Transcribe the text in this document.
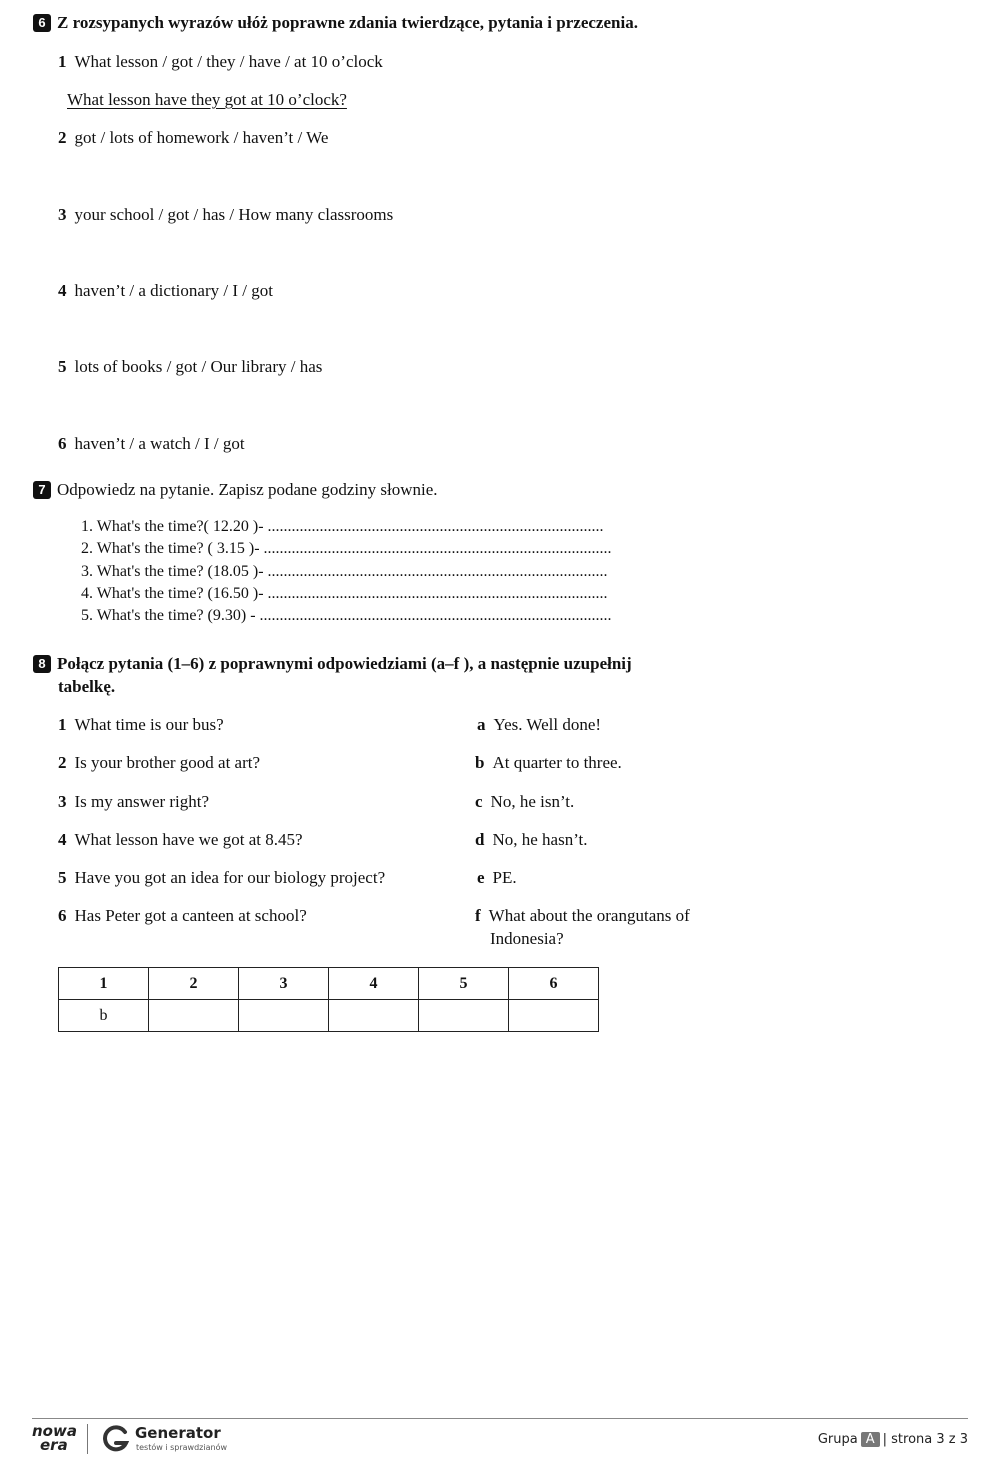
6 Z rozsypanych wyrazów ułóż poprawne zdania twierdzące, pytania i przeczenia.
1 What lesson / got / they / have / at 10 o’clock
What lesson have they got at 10 o’clock?
2 got / lots of homework / haven’t / We
3 your school / got / has / How many classrooms
4 haven’t / a dictionary / I / got
5 lots of books / got / Our library / has
6 haven’t / a watch / I / got
7 Odpowiedz na pytanie. Zapisz podane godziny słownie.
1. What's the time?( 12.20 )- ....................................................................................
2. What's the time? ( 3.15 )- .......................................................................................
3. What's the time? (18.05 )- .....................................................................................
4. What's the time? (16.50 )- .....................................................................................
5. What's the time? (9.30) - ........................................................................................
8 Połącz pytania (1–6) z poprawnymi odpowiedziami (a–f ), a następnie uzupełnij
tabelkę.
1 What time is our bus?
2 Is your brother good at art?
3 Is my answer right?
4 What lesson have we got at 8.45?
5 Have you got an idea for our biology project?
6 Has Peter got a canteen at school?
a Yes. Well done!
b At quarter to three.
c No, he isn’t.
d No, he hasn’t.
e PE.
f What about the orangutans of
Indonesia?
1	2	3	4	5	6
b					
nowa
era
Generator
testów i sprawdzianów
Grupa A | strona 3 z 3
